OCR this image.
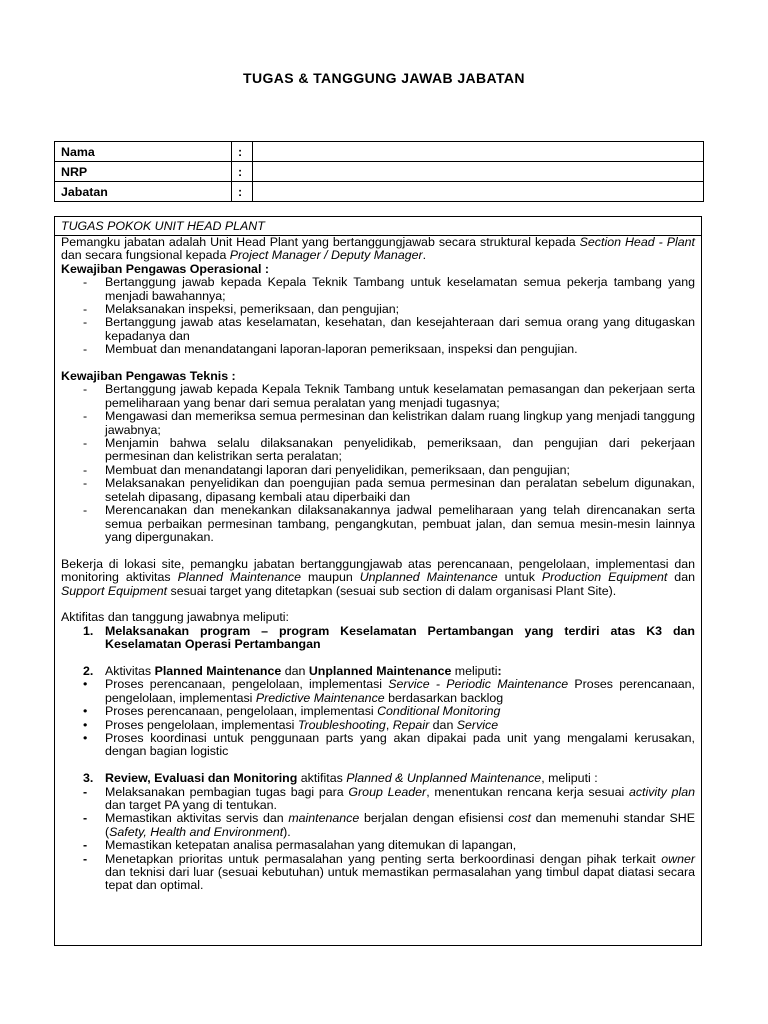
TUGAS & TANGGUNG JAWAB JABATAN
Nama	:	
NRP	:	
Jabatan	:	
TUGAS POKOK UNIT HEAD PLANT

Pemangku jabatan adalah Unit Head Plant yang bertanggungjawab secara struktural kepada Section Head - Plant dan secara fungsional kepada Project Manager / Deputy Manager.

Kewajiban Pengawas Operasional :

- Bertanggung jawab kepada Kepala Teknik Tambang untuk keselamatan semua pekerja tambang yang menjadi bawahannya;
- Melaksanakan inspeksi, pemeriksaan, dan pengujian;
- Bertanggung jawab atas keselamatan, kesehatan, dan kesejahteraan dari semua orang yang ditugaskan kepadanya dan
- Membuat dan menandatangani laporan-laporan pemeriksaan, inspeksi dan pengujian.

Kewajiban Pengawas Teknis :

- Bertanggung jawab kepada Kepala Teknik Tambang untuk keselamatan pemasangan dan pekerjaan serta pemeliharaan yang benar dari semua peralatan yang menjadi tugasnya;
- Mengawasi dan memeriksa semua permesinan dan kelistrikan dalam ruang lingkup yang menjadi tanggung jawabnya;
- Menjamin bahwa selalu dilaksanakan penyelidikab, pemeriksaan, dan pengujian dari pekerjaan permesinan dan kelistrikan serta peralatan;
- Membuat dan menandatangi laporan dari penyelidikan, pemeriksaan, dan pengujian;
- Melaksanakan penyelidikan dan poengujian pada semua permesinan dan peralatan sebelum digunakan, setelah dipasang, dipasang kembali atau diperbaiki dan
- Merencanakan dan menekankan dilaksanakannya jadwal pemeliharaan yang telah direncanakan serta semua perbaikan permesinan tambang, pengangkutan, pembuat jalan, dan semua mesin-mesin lainnya yang dipergunakan.

Bekerja di lokasi site, pemangku jabatan bertanggungjawab atas perencanaan, pengelolaan, implementasi dan monitoring aktivitas Planned Maintenance maupun Unplanned Maintenance untuk Production Equipment dan Support Equipment sesuai target yang ditetapkan (sesuai sub section di dalam organisasi Plant Site).

Aktifitas dan tanggung jawabnya meliputi:

1. Melaksanakan program – program Keselamatan Pertambangan yang terdiri atas K3 dan Keselamatan Operasi Pertambangan
2. Aktivitas Planned Maintenance dan Unplanned Maintenance meliputi:
• Proses perencanaan, pengelolaan, implementasi Service - Periodic Maintenance Proses perencanaan, pengelolaan, implementasi Predictive Maintenance berdasarkan backlog
• Proses perencanaan, pengelolaan, implementasi Conditional Monitoring
• Proses pengelolaan, implementasi Troubleshooting, Repair dan Service
• Proses koordinasi untuk penggunaan parts yang akan dipakai pada unit yang mengalami kerusakan, dengan bagian logistic
3. Review, Evaluasi dan Monitoring aktifitas Planned & Unplanned Maintenance, meliputi :
- Melaksanakan pembagian tugas bagi para Group Leader, menentukan rencana kerja sesuai activity plan dan target PA yang di tentukan.
- Memastikan aktivitas servis dan maintenance berjalan dengan efisiensi cost dan memenuhi standar SHE (Safety, Health and Environment).
- Memastikan ketepatan analisa permasalahan yang ditemukan di lapangan,
- Menetapkan prioritas untuk permasalahan yang penting serta berkoordinasi dengan pihak terkait owner dan teknisi dari luar (sesuai kebutuhan) untuk memastikan permasalahan yang timbul dapat diatasi secara tepat dan optimal.
